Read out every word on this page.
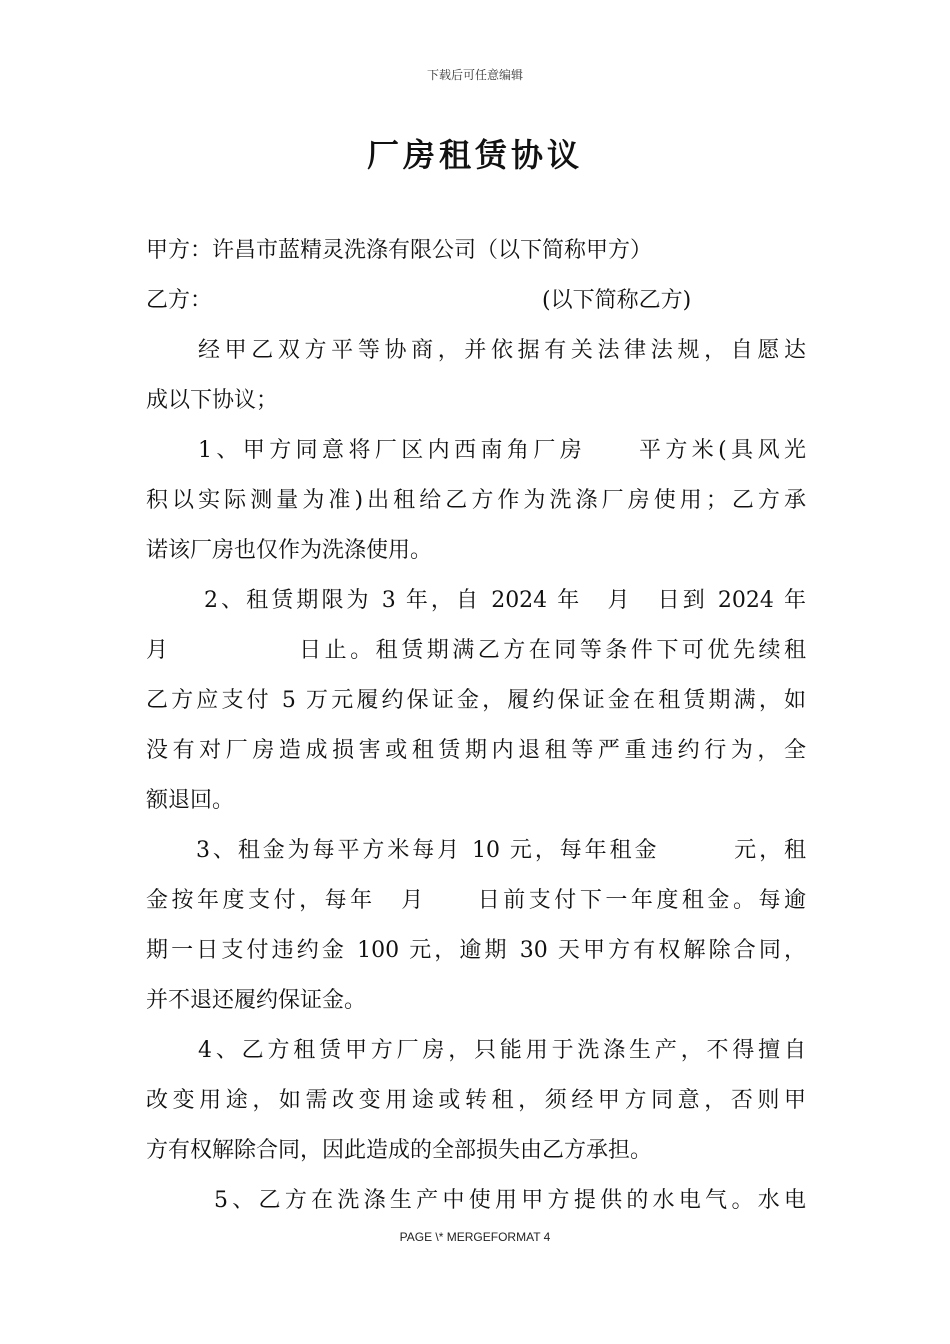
下载后可任意编辑
厂房租赁协议
甲方：许昌市蓝精灵洗涤有限公司（以下简称甲方）
乙方：	(以下简称乙方)
经甲乙双方平等协商，并依据有关法律法规，自愿达
成以下协议；
1、甲方同意将厂区内西南角厂房　　平方米(具风光
积以实际测量为准)出租给乙方作为洗涤厂房使用；乙方承
诺该厂房也仅作为洗涤使用。
2、租赁期限为 3 年，自 2024 年　月　日到 2024 年
月　　　　　日止。租赁期满乙方在同等条件下可优先续租
乙方应支付 5 万元履约保证金，履约保证金在租赁期满，如
没有对厂房造成损害或租赁期内退租等严重违约行为，全
额退回。
3、租金为每平方米每月 10 元，每年租金　　　元，租
金按年度支付，每年　月　　日前支付下一年度租金。每逾
期一日支付违约金 100 元，逾期 30 天甲方有权解除合同，
并不退还履约保证金。
4、乙方租赁甲方厂房，只能用于洗涤生产，不得擅自
改变用途，如需改变用途或转租，须经甲方同意，否则甲
方有权解除合同，因此造成的全部损失由乙方承担。
5、乙方在洗涤生产中使用甲方提供的水电气。水电
PAGE \* MERGEFORMAT 4
